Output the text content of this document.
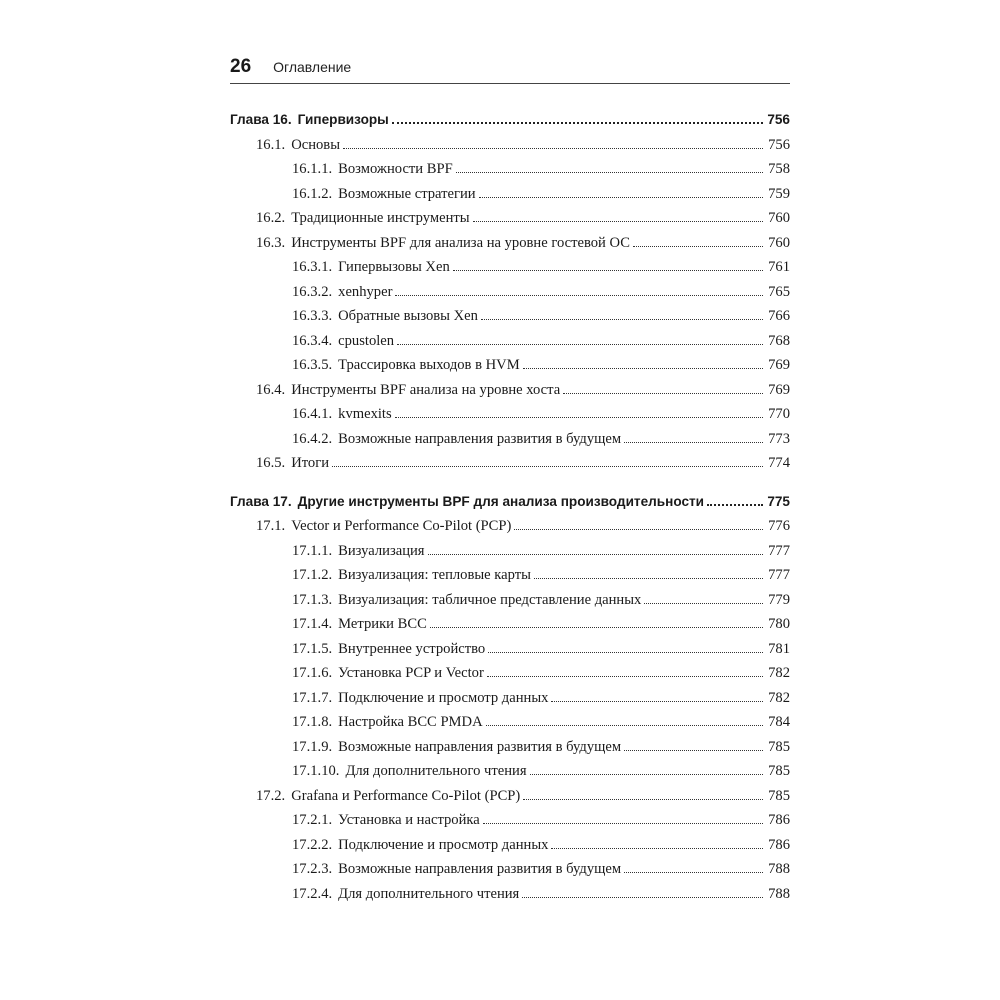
26 Оглавление
Глава 16. Гипервизоры	756
16.1. Основы	756
16.1.1. Возможности BPF	758
16.1.2. Возможные стратегии	759
16.2. Традиционные инструменты	760
16.3. Инструменты BPF для анализа на уровне гостевой ОС	760
16.3.1. Гипервызовы Xen	761
16.3.2. xenhyper	765
16.3.3. Обратные вызовы Xen	766
16.3.4. cpustolen	768
16.3.5. Трассировка выходов в HVM	769
16.4. Инструменты BPF анализа на уровне хоста	769
16.4.1. kvmexits	770
16.4.2. Возможные направления развития в будущем	773
16.5. Итоги	774
Глава 17. Другие инструменты BPF для анализа производительности	775
17.1. Vector и Performance Co-Pilot (PCP)	776
17.1.1. Визуализация	777
17.1.2. Визуализация: тепловые карты	777
17.1.3. Визуализация: табличное представление данных	779
17.1.4. Метрики BCC	780
17.1.5. Внутреннее устройство	781
17.1.6. Установка PCP и Vector	782
17.1.7. Подключение и просмотр данных	782
17.1.8. Настройка BCC PMDA	784
17.1.9. Возможные направления развития в будущем	785
17.1.10. Для дополнительного чтения	785
17.2. Grafana и Performance Co-Pilot (PCP)	785
17.2.1. Установка и настройка	786
17.2.2. Подключение и просмотр данных	786
17.2.3. Возможные направления развития в будущем	788
17.2.4. Для дополнительного чтения	788
